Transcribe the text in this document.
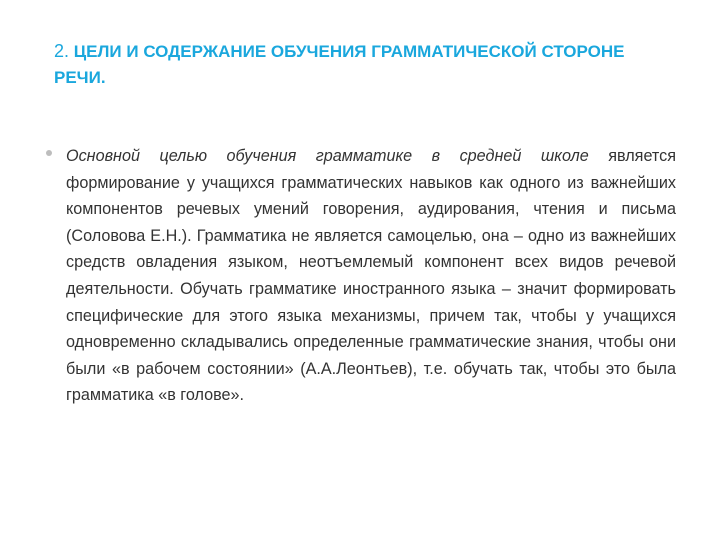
2. ЦЕЛИ И СОДЕРЖАНИЕ ОБУЧЕНИЯ ГРАММАТИЧЕСКОЙ СТОРОНЕ РЕЧИ.

Основной целью обучения грамматике в средней школе является формирование у учащихся грамматических навыков как одного из важнейших компонентов речевых умений говорения, аудирования, чтения и письма (Соловова Е.Н.). Грамматика не является самоцелью, она – одно из важнейших средств овладения языком, неотъемлемый компонент всех видов речевой деятельности. Обучать грамматике иностранного языка – значит формировать специфические для этого языка механизмы, причем так, чтобы у учащихся одновременно складывались определенные грамматические знания, чтобы они были «в рабочем состоянии» (А.А.Леонтьев), т.е. обучать так, чтобы это была грамматика «в голове».
